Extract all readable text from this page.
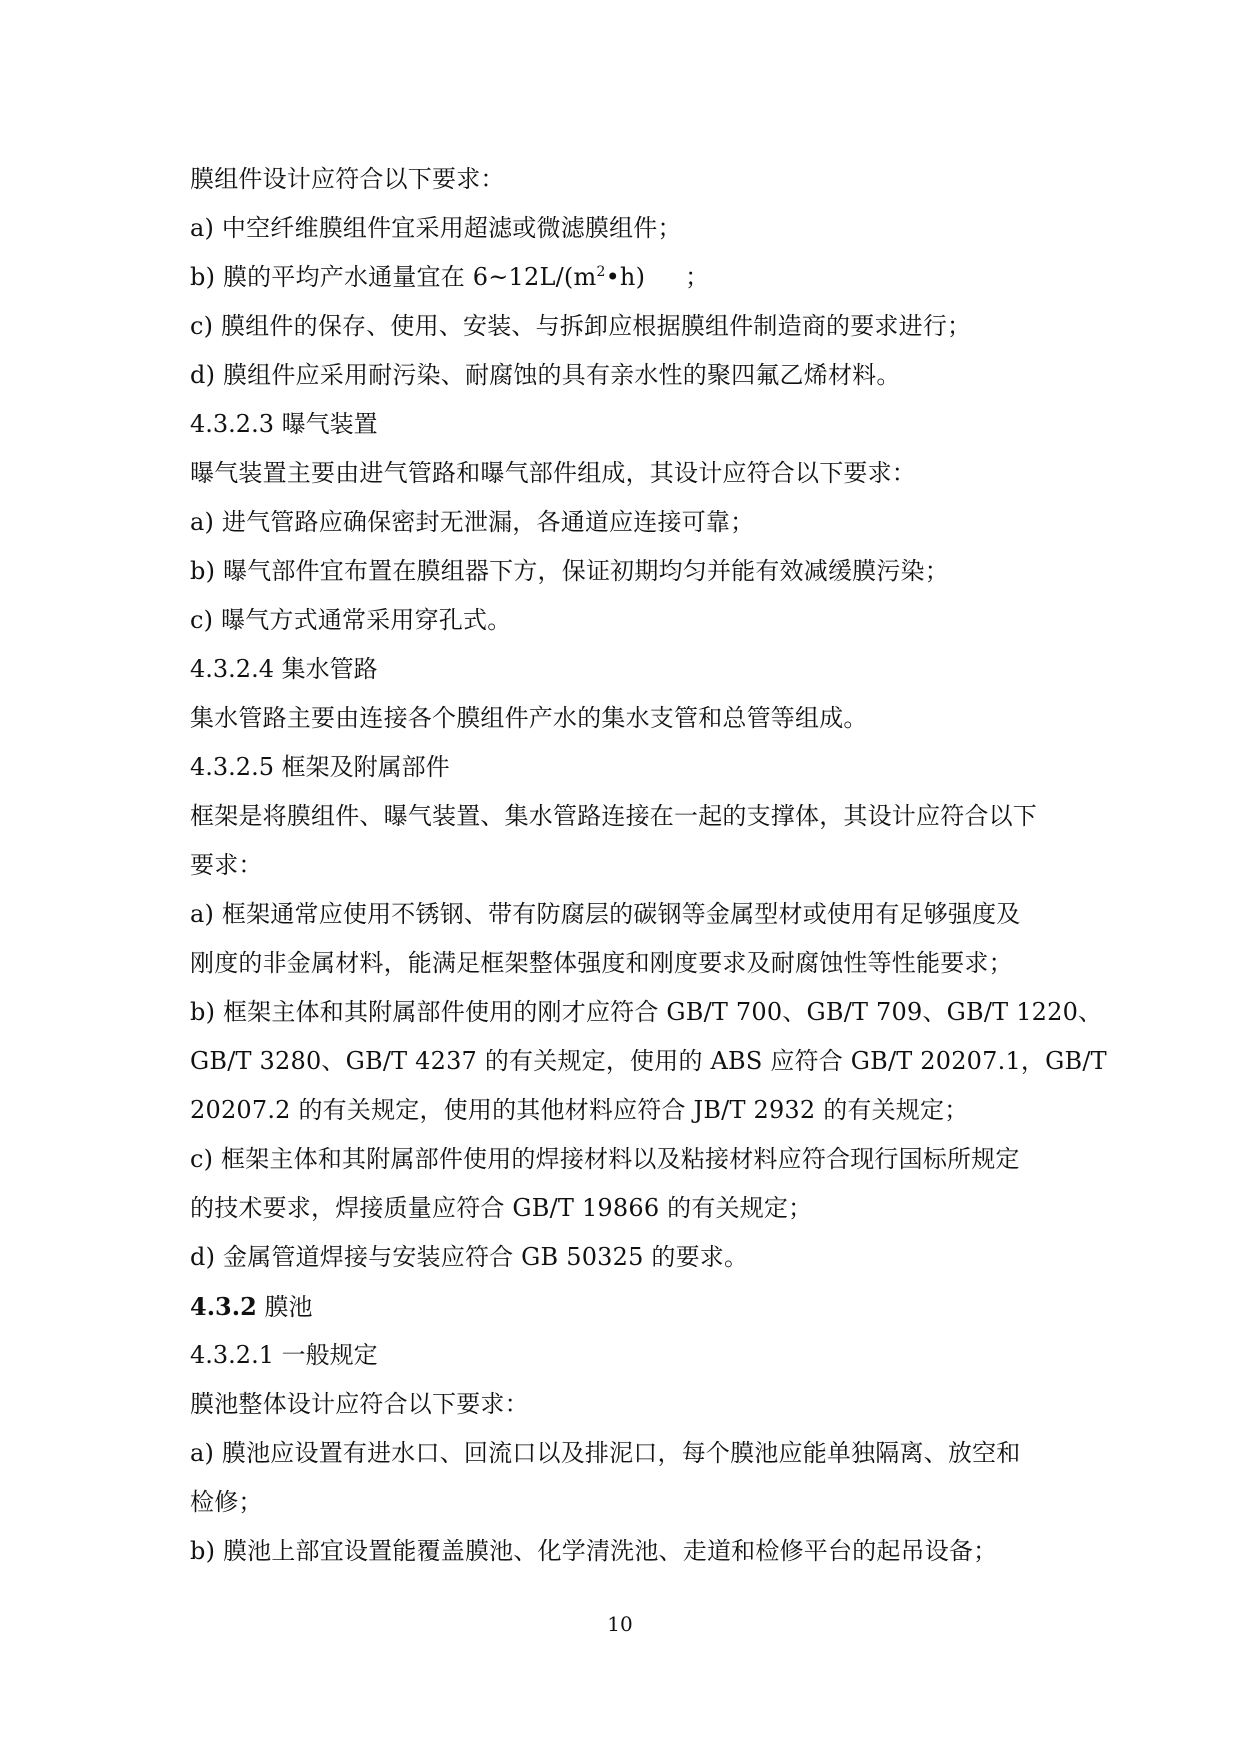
膜组件设计应符合以下要求：
a) 中空纤维膜组件宜采用超滤或微滤膜组件；
b) 膜的平均产水通量宜在 $6\sim 12L/(m^2•h)$ ；
c) 膜组件的保存、使用、安装、与拆卸应根据膜组件制造商的要求进行；
d) 膜组件应采用耐污染、耐腐蚀的具有亲水性的聚四氟乙烯材料。
4.3.2.3 曝气装置
曝气装置主要由进气管路和曝气部件组成，其设计应符合以下要求：
a) 进气管路应确保密封无泄漏，各通道应连接可靠；
b) 曝气部件宜布置在膜组器下方，保证初期均匀并能有效减缓膜污染；
c) 曝气方式通常采用穿孔式。
4.3.2.4 集水管路
集水管路主要由连接各个膜组件产水的集水支管和总管等组成。
4.3.2.5 框架及附属部件
框架是将膜组件、曝气装置、集水管路连接在一起的支撑体，其设计应符合以下
要求：
a) 框架通常应使用不锈钢、带有防腐层的碳钢等金属型材或使用有足够强度及
刚度的非金属材料，能满足框架整体强度和刚度要求及耐腐蚀性等性能要求；
b) 框架主体和其附属部件使用的刚才应符合 GB/T 700、GB/T 709、GB/T 1220、
GB/T 3280、GB/T 4237 的有关规定，使用的 ABS 应符合 GB/T 20207.1，GB/T
20207.2 的有关规定，使用的其他材料应符合 JB/T 2932 的有关规定；
c) 框架主体和其附属部件使用的焊接材料以及粘接材料应符合现行国标所规定
的技术要求，焊接质量应符合 GB/T 19866 的有关规定；
d) 金属管道焊接与安装应符合 GB 50325 的要求。
4.3.2 膜池
4.3.2.1 一般规定
膜池整体设计应符合以下要求：
a) 膜池应设置有进水口、回流口以及排泥口，每个膜池应能单独隔离、放空和
检修；
b) 膜池上部宜设置能覆盖膜池、化学清洗池、走道和检修平台的起吊设备；
10
